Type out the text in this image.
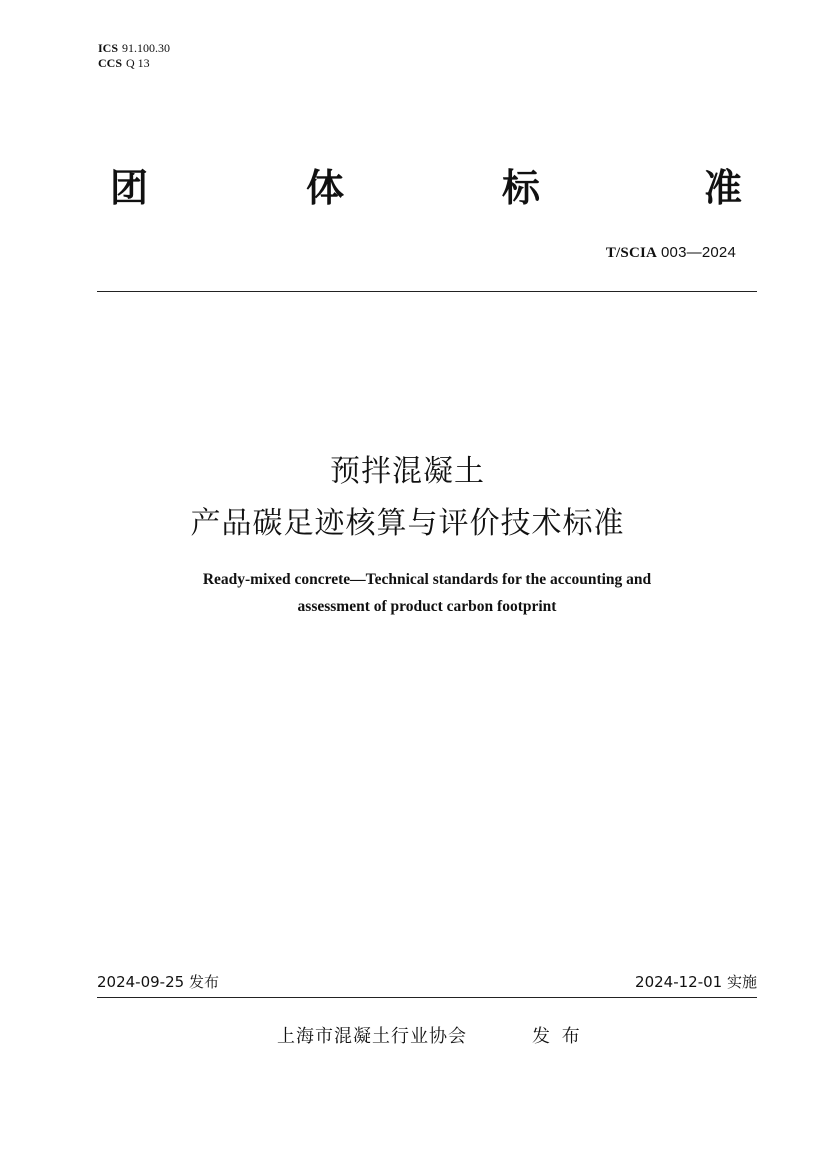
ICS 91.100.30
CCS Q 13
团	体	标	准
T/SCIA 003—2024
预拌混凝土
产品碳足迹核算与评价技术标准
Ready-mixed concrete—Technical standards for the accounting and
assessment of product carbon footprint
2024-09-25 发布	2024-12-01 实施
上海市混凝土行业协会	发 布
